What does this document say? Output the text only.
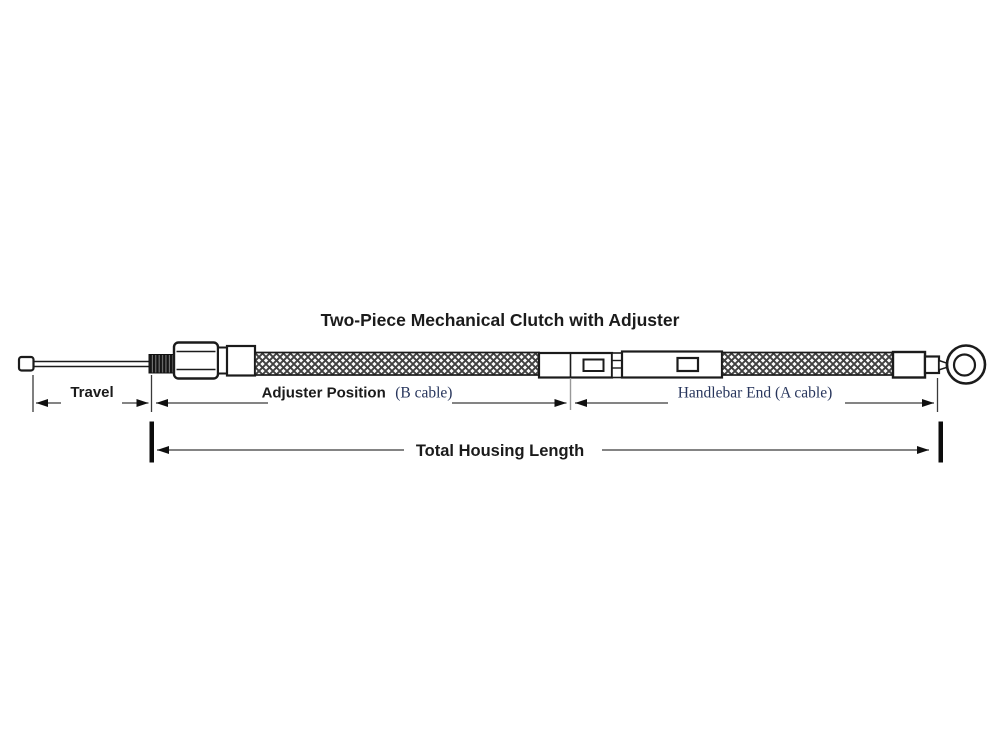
Two-Piece Mechanical Clutch with Adjuster
Travel	Adjuster Position (B cable)	Handlebar End (A cable)
Total Housing Length
